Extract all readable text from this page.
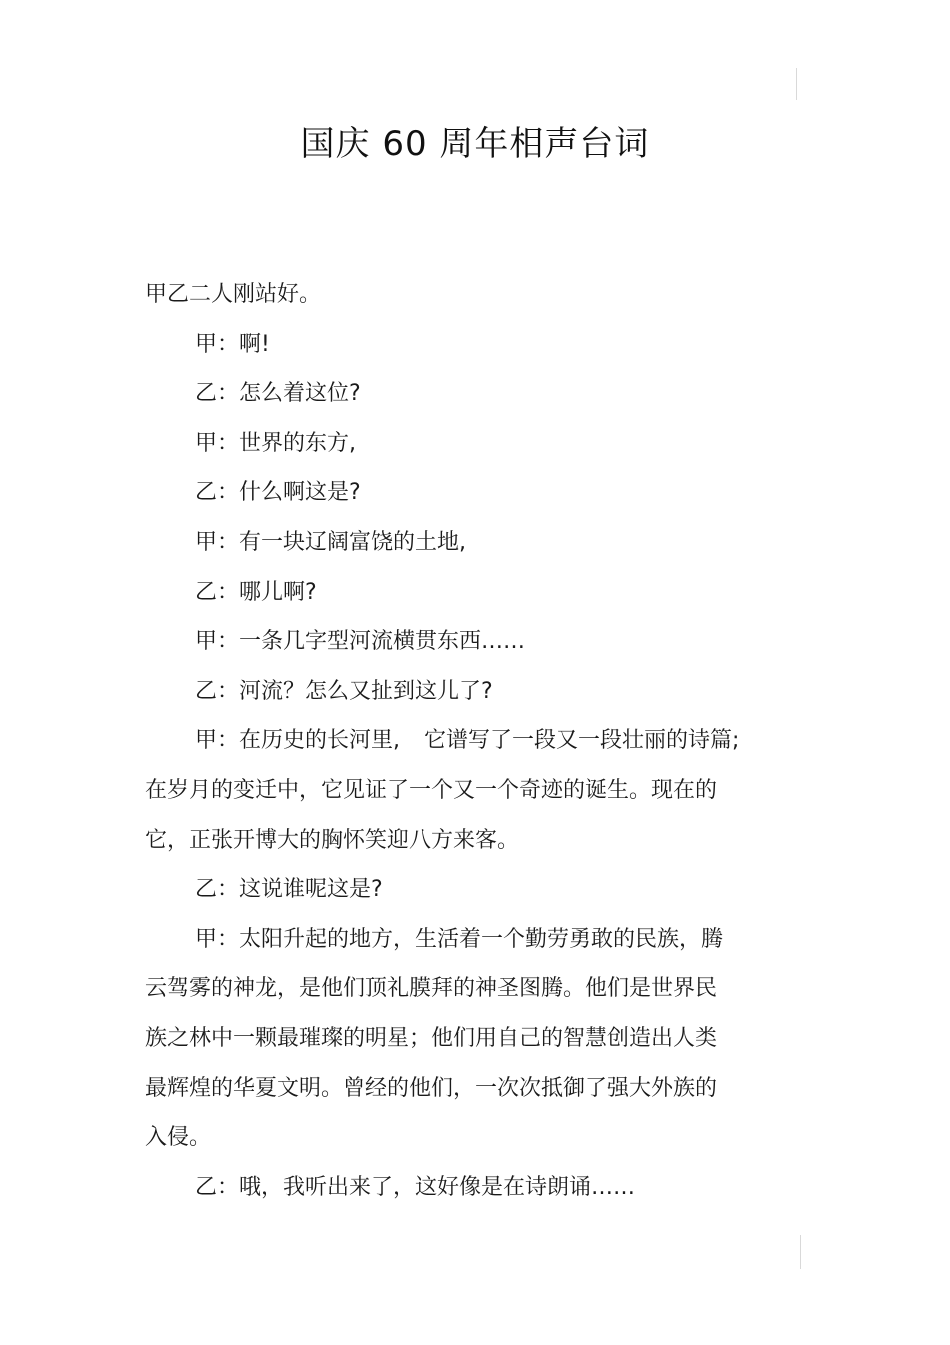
国庆 60 周年相声台词
甲乙二人刚站好。
甲：啊!
乙：怎么着这位?
甲：世界的东方,
乙：什么啊这是?
甲：有一块辽阔富饶的土地,
乙：哪儿啊?
甲：一条几字型河流横贯东西……
乙：河流？怎么又扯到这儿了?
甲：在历史的长河里, 它谱写了一段又一段壮丽的诗篇;
在岁月的变迁中，它见证了一个又一个奇迹的诞生。现在的
它，正张开博大的胸怀笑迎八方来客。
乙：这说谁呢这是?
甲：太阳升起的地方，生活着一个勤劳勇敢的民族，腾
云驾雾的神龙，是他们顶礼膜拜的神圣图腾。他们是世界民
族之林中一颗最璀璨的明星；他们用自己的智慧创造出人类
最辉煌的华夏文明。曾经的他们，一次次抵御了强大外族的
入侵。
乙：哦，我听出来了，这好像是在诗朗诵……
